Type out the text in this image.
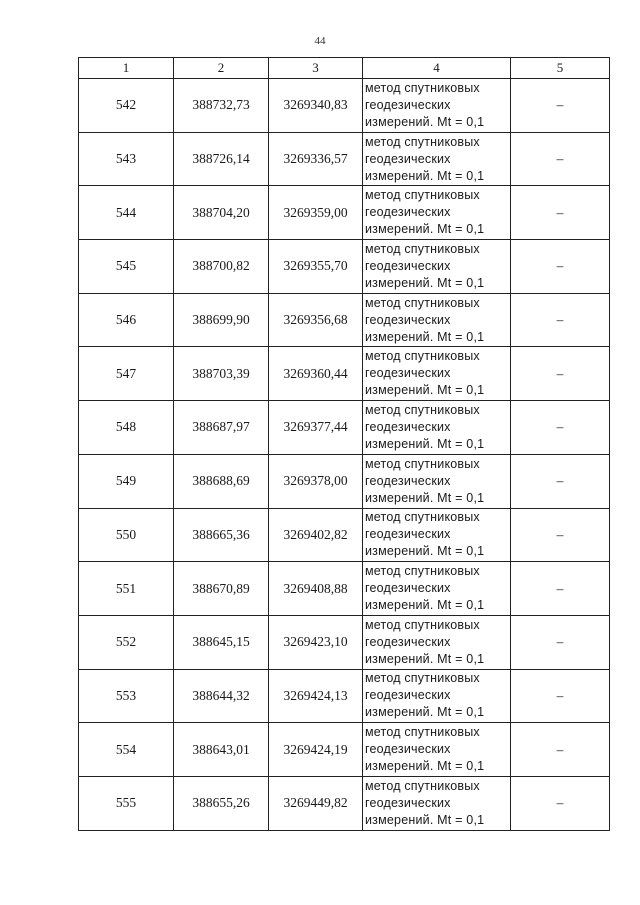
44
1	2	3	4	5
542	388732,73	3269340,83	метод спутниковых
геодезических
измерений. Mt = 0,1	–
543	388726,14	3269336,57	метод спутниковых
геодезических
измерений. Mt = 0,1	–
544	388704,20	3269359,00	метод спутниковых
геодезических
измерений. Mt = 0,1	–
545	388700,82	3269355,70	метод спутниковых
геодезических
измерений. Mt = 0,1	–
546	388699,90	3269356,68	метод спутниковых
геодезических
измерений. Mt = 0,1	–
547	388703,39	3269360,44	метод спутниковых
геодезических
измерений. Mt = 0,1	–
548	388687,97	3269377,44	метод спутниковых
геодезических
измерений. Mt = 0,1	–
549	388688,69	3269378,00	метод спутниковых
геодезических
измерений. Mt = 0,1	–
550	388665,36	3269402,82	метод спутниковых
геодезических
измерений. Mt = 0,1	–
551	388670,89	3269408,88	метод спутниковых
геодезических
измерений. Mt = 0,1	–
552	388645,15	3269423,10	метод спутниковых
геодезических
измерений. Mt = 0,1	–
553	388644,32	3269424,13	метод спутниковых
геодезических
измерений. Mt = 0,1	–
554	388643,01	3269424,19	метод спутниковых
геодезических
измерений. Mt = 0,1	–
555	388655,26	3269449,82	метод спутниковых
геодезических
измерений. Mt = 0,1	–
